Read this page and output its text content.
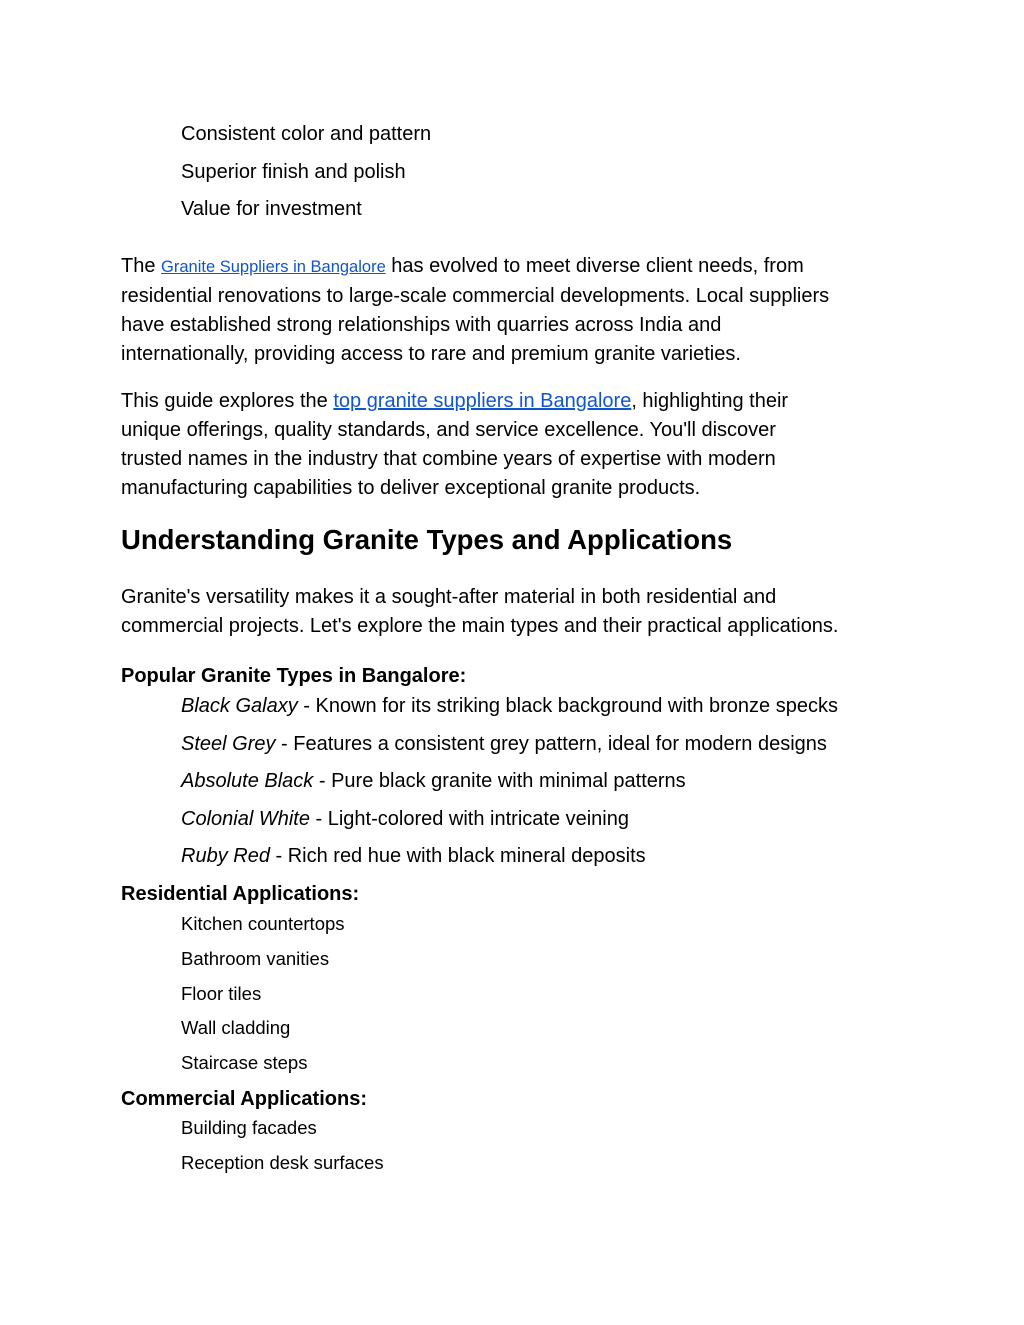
Consistent color and pattern
Superior finish and polish
Value for investment
The Granite Suppliers in Bangalore has evolved to meet diverse client needs, from
residential renovations to large-scale commercial developments. Local suppliers
have established strong relationships with quarries across India and
internationally, providing access to rare and premium granite varieties.
This guide explores the top granite suppliers in Bangalore, highlighting their
unique offerings, quality standards, and service excellence. You'll discover
trusted names in the industry that combine years of expertise with modern
manufacturing capabilities to deliver exceptional granite products.
Understanding Granite Types and Applications
Granite's versatility makes it a sought-after material in both residential and
commercial projects. Let's explore the main types and their practical applications.
Popular Granite Types in Bangalore:
Black Galaxy - Known for its striking black background with bronze specks
Steel Grey - Features a consistent grey pattern, ideal for modern designs
Absolute Black - Pure black granite with minimal patterns
Colonial White - Light-colored with intricate veining
Ruby Red - Rich red hue with black mineral deposits
Residential Applications:
Kitchen countertops
Bathroom vanities
Floor tiles
Wall cladding
Staircase steps
Commercial Applications:
Building facades
Reception desk surfaces
